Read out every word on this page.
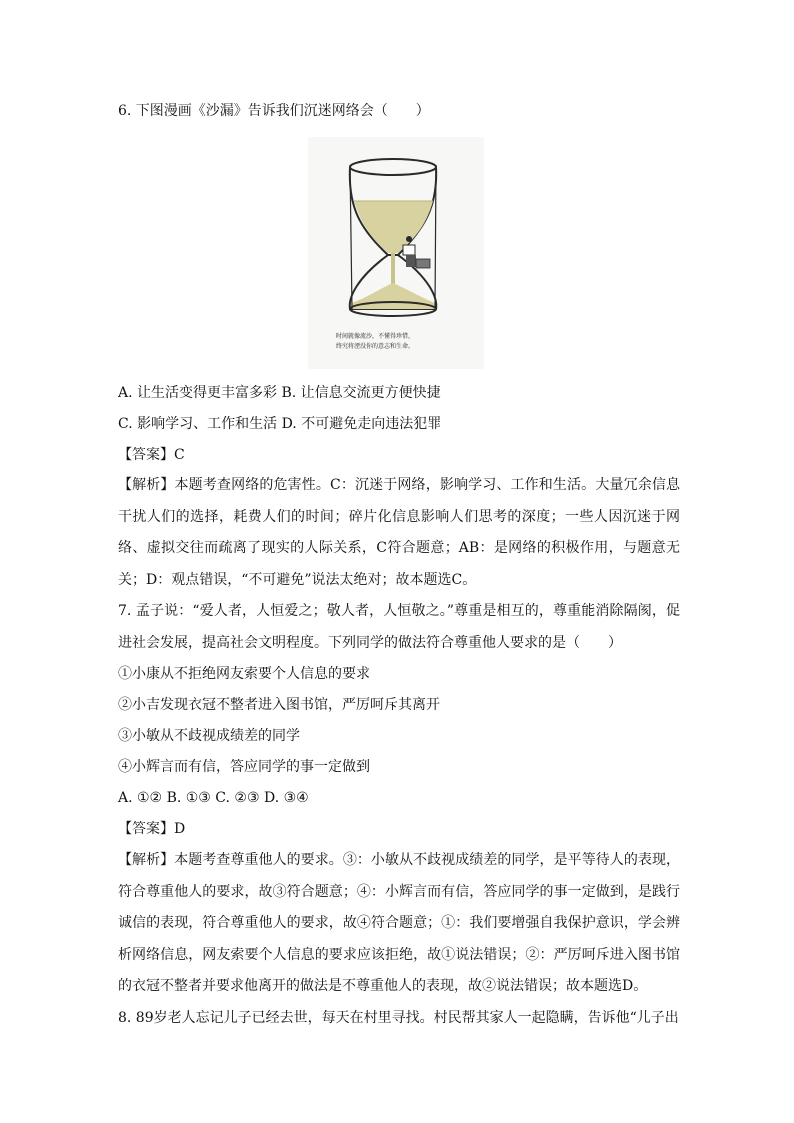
6. 下图漫画《沙漏》告诉我们沉迷网络会（　　）
时间就像流沙，不懂得珍惜，
终究将湮没你的意志和生命。
A. 让生活变得更丰富多彩 B. 让信息交流更方便快捷
C. 影响学习、工作和生活 D. 不可避免走向违法犯罪
【答案】C
【解析】本题考查网络的危害性。C：沉迷于网络，影响学习、工作和生活。大量冗余信息干扰人们的选择，耗费人们的时间；碎片化信息影响人们思考的深度；一些人因沉迷于网络、虚拟交往而疏离了现实的人际关系，C符合题意；AB：是网络的积极作用，与题意无关；D：观点错误，“不可避免”说法太绝对；故本题选C。
7. 孟子说：“爱人者，人恒爱之；敬人者，人恒敬之。”尊重是相互的，尊重能消除隔阂，促进社会发展，提高社会文明程度。下列同学的做法符合尊重他人要求的是（　　）
①小康从不拒绝网友索要个人信息的要求
②小吉发现衣冠不整者进入图书馆，严厉呵斥其离开
③小敏从不歧视成绩差的同学
④小辉言而有信，答应同学的事一定做到
A. ①② B. ①③ C. ②③ D. ③④
【答案】D
【解析】本题考查尊重他人的要求。③：小敏从不歧视成绩差的同学，是平等待人的表现，符合尊重他人的要求，故③符合题意；④：小辉言而有信，答应同学的事一定做到，是践行诚信的表现，符合尊重他人的要求，故④符合题意；①：我们要增强自我保护意识，学会辨析网络信息，网友索要个人信息的要求应该拒绝，故①说法错误；②：严厉呵斥进入图书馆的衣冠不整者并要求他离开的做法是不尊重他人的表现，故②说法错误；故本题选D。
8. 89岁老人忘记儿子已经去世，每天在村里寻找。村民帮其家人一起隐瞒，告诉他“儿子出
